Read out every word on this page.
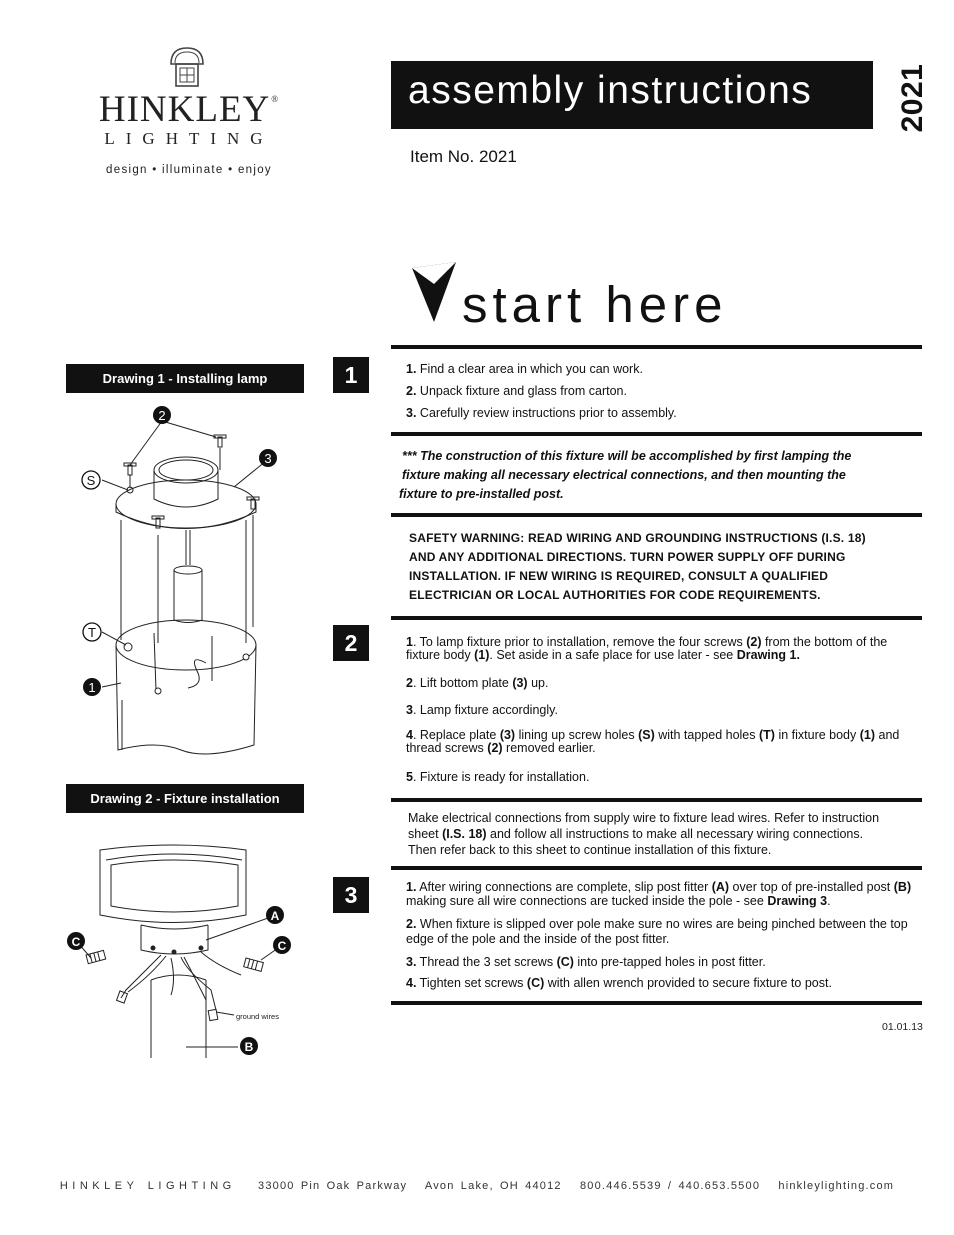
HINKLEY®
LIGHTING
design • illuminate • enjoy
assembly instructions
Item No. 2021
2021
start here
1
2
3
1. Find a clear area in which you can work.
2. Unpack fixture and glass from carton.
3. Carefully review instructions prior to assembly.
*** The construction of this fixture will be accomplished by first lamping the
fixture making all necessary electrical connections, and then mounting the
fixture to pre-installed post.
SAFETY WARNING: READ WIRING AND GROUNDING INSTRUCTIONS (I.S. 18)
AND ANY ADDITIONAL DIRECTIONS. TURN POWER SUPPLY OFF DURING
INSTALLATION. IF NEW WIRING IS REQUIRED, CONSULT A QUALIFIED
ELECTRICIAN OR LOCAL AUTHORITIES FOR CODE REQUIREMENTS.
1. To lamp fixture prior to installation, remove the four screws (2) from the bottom of the fixture body (1). Set aside in a safe place for use later - see Drawing 1.
2. Lift bottom plate (3) up.
3. Lamp fixture accordingly.
4. Replace plate (3) lining up screw holes (S) with tapped holes (T) in fixture body (1) and thread screws (2) removed earlier.
5. Fixture is ready for installation.
Make electrical connections from supply wire to fixture lead wires. Refer to instruction
sheet (I.S. 18) and follow all instructions to make all necessary wiring connections.
Then refer back to this sheet to continue installation of this fixture.
1. After wiring connections are complete, slip post fitter (A) over top of pre-installed post (B) making sure all wire connections are tucked inside the pole - see Drawing 3.
2. When fixture is slipped over pole make sure no wires are being pinched between the top edge of the pole and the inside of the post fitter.
3. Thread the 3 set screws (C) into pre-tapped holes in post fitter.
4. Tighten set screws (C) with allen wrench provided to secure fixture to post.
01.01.13
Drawing 1 - Installing lamp
Drawing 2 - Fixture installation
2
3
S
T
1
A
C	C
B
ground wires
HINKLEY LIGHTING 33000 Pin Oak Parkway Avon Lake, OH 44012 800.446.5539 / 440.653.5500 hinkleylighting.com
